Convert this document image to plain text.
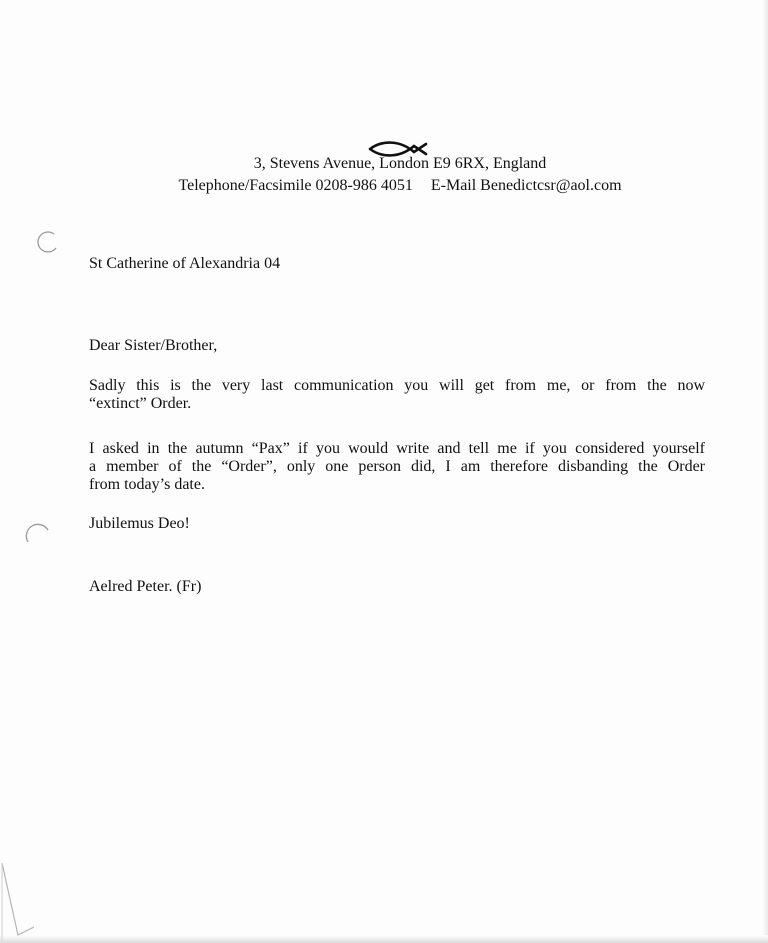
3, Stevens Avenue, London E9 6RX, England
Telephone/Facsimile 0208-986 4051 E-Mail Benedictcsr@aol.com
St Catherine of Alexandria 04
Dear Sister/Brother,

Sadly this is the very last communication you will get from me, or from the now
“extinct” Order.

I asked in the autumn “Pax” if you would write and tell me if you considered yourself
a member of the “Order”, only one person did, I am therefore disbanding the Order
from today’s date.

Jubilemus Deo!
Aelred Peter. (Fr)
